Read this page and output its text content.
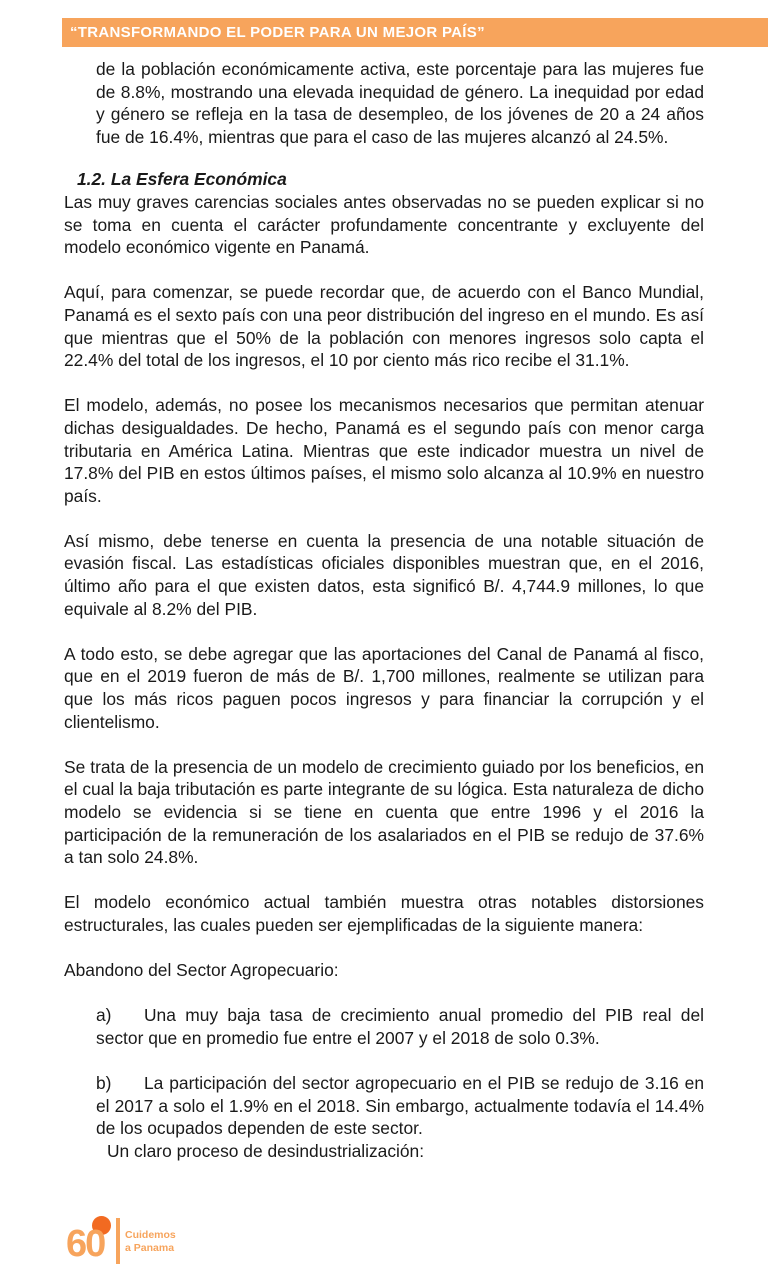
“TRANSFORMANDO EL PODER PARA UN MEJOR PAÍS”

de la población económicamente activa, este porcentaje para las mujeres fue de 8.8%, mostrando una elevada inequidad de género. La inequidad por edad y género se refleja en la tasa de desempleo, de los jóvenes de 20 a 24 años fue de 16.4%, mientras que para el caso de las mujeres alcanzó al 24.5%.

1.2. La Esfera Económica

Las muy graves carencias sociales antes observadas no se pueden explicar si no se toma en cuenta el carácter profundamente concentrante y excluyente del modelo económico vigente en Panamá.

Aquí, para comenzar, se puede recordar que, de acuerdo con el Banco Mundial, Panamá es el sexto país con una peor distribución del ingreso en el mundo. Es así que mientras que el 50% de la población con menores ingresos solo capta el 22.4% del total de los ingresos, el 10 por ciento más rico recibe el 31.1%.

El modelo, además, no posee los mecanismos necesarios que permitan atenuar dichas desigualdades. De hecho, Panamá es el segundo país con menor carga tributaria en América Latina. Mientras que este indicador muestra un nivel de 17.8% del PIB en estos últimos países, el mismo solo alcanza al 10.9% en nuestro país.

Así mismo, debe tenerse en cuenta la presencia de una notable situación de evasión fiscal. Las estadísticas oficiales disponibles muestran que, en el 2016, último año para el que existen datos, esta significó B/. 4,744.9 millones, lo que equivale al 8.2% del PIB.

A todo esto, se debe agregar que las aportaciones del Canal de Panamá al fisco, que en el 2019 fueron de más de B/. 1,700 millones, realmente se utilizan para que los más ricos paguen pocos ingresos y para financiar la corrupción y el clientelismo.

Se trata de la presencia de un modelo de crecimiento guiado por los beneficios, en el cual la baja tributación es parte integrante de su lógica. Esta naturaleza de dicho modelo se evidencia si se tiene en cuenta que entre 1996 y el 2016 la participación de la remuneración de los asalariados en el PIB se redujo de 37.6% a tan solo 24.8%.

El modelo económico actual también muestra otras notables distorsiones estructurales, las cuales pueden ser ejemplificadas de la siguiente manera:

Abandono del Sector Agropecuario:

a) Una muy baja tasa de crecimiento anual promedio del PIB real del sector que en promedio fue entre el 2007 y el 2018 de solo 0.3%.

b) La participación del sector agropecuario en el PIB se redujo de 3.16 en el 2017 a solo el 1.9% en el 2018. Sin embargo, actualmente todavía el 14.4% de los ocupados dependen de este sector.

Un claro proceso de desindustrialización:

60 Cuidemos
a Panama
